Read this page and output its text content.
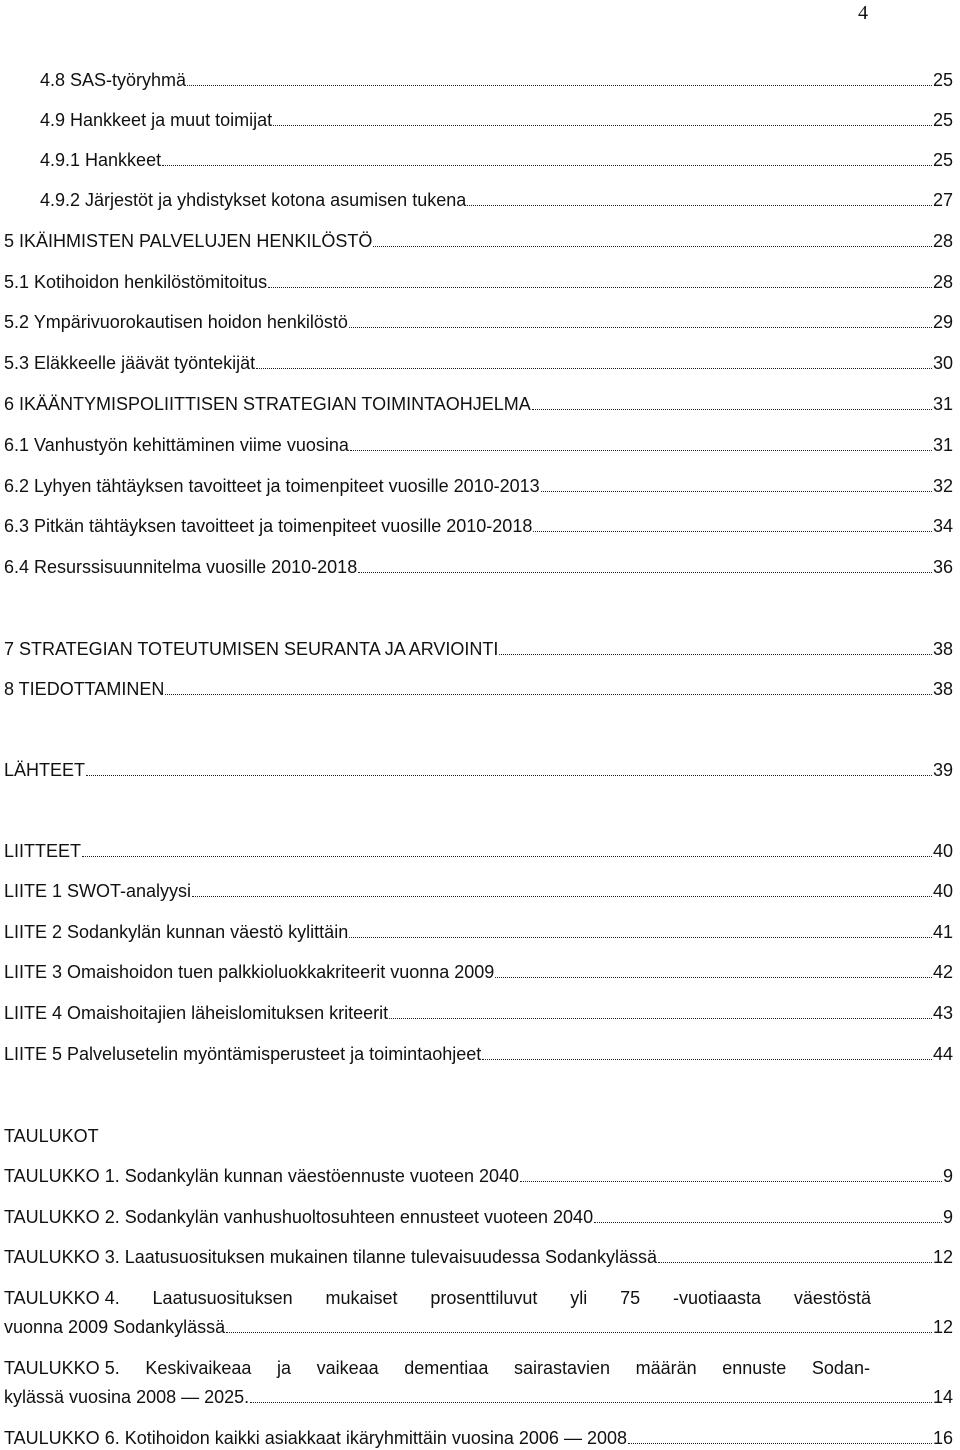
4
4.8 SAS-työryhmä	25
4.9 Hankkeet ja muut toimijat	25
4.9.1 Hankkeet	25
4.9.2 Järjestöt ja yhdistykset kotona asumisen tukena	27
5 IKÄIHMISTEN PALVELUJEN HENKILÖSTÖ	28
5.1 Kotihoidon henkilöstömitoitus	28
5.2 Ympärivuorokautisen hoidon henkilöstö	29
5.3 Eläkkeelle jäävät työntekijät	30
6 IKÄÄNTYMISPOLIITTISEN STRATEGIAN TOIMINTAOHJELMA	31
6.1 Vanhustyön kehittäminen viime vuosina	31
6.2 Lyhyen tähtäyksen tavoitteet ja toimenpiteet vuosille 2010-2013	32
6.3 Pitkän tähtäyksen tavoitteet ja toimenpiteet vuosille 2010-2018	34
6.4 Resurssisuunnitelma vuosille 2010-2018	36
7 STRATEGIAN TOTEUTUMISEN SEURANTA JA ARVIOINTI	38
8 TIEDOTTAMINEN	38
LÄHTEET	39
LIITTEET	40
LIITE 1 SWOT-analyysi	40
LIITE 2 Sodankylän kunnan väestö kylittäin	41
LIITE 3 Omaishoidon tuen palkkioluokkakriteerit vuonna 2009	42
LIITE 4 Omaishoitajien läheislomituksen kriteerit	43
LIITE 5 Palvelusetelin myöntämisperusteet ja toimintaohjeet	44
TAULUKOT
TAULUKKO 1. Sodankylän kunnan väestöennuste vuoteen 2040	9
TAULUKKO 2. Sodankylän vanhushuoltosuhteen ennusteet vuoteen 2040	9
TAULUKKO 3. Laatusuosituksen mukainen tilanne tulevaisuudessa Sodankylässä	12
TAULUKKO 4. Laatusuosituksen mukaiset prosenttiluvut yli 75 -vuotiaasta väestöstä
vuonna 2009 Sodankylässä	12
TAULUKKO 5. Keskivaikeaa ja vaikeaa dementiaa sairastavien määrän ennuste Sodan-
kylässä vuosina 2008 — 2025.	14
TAULUKKO 6. Kotihoidon kaikki asiakkaat ikäryhmittäin vuosina 2006 — 2008	16
